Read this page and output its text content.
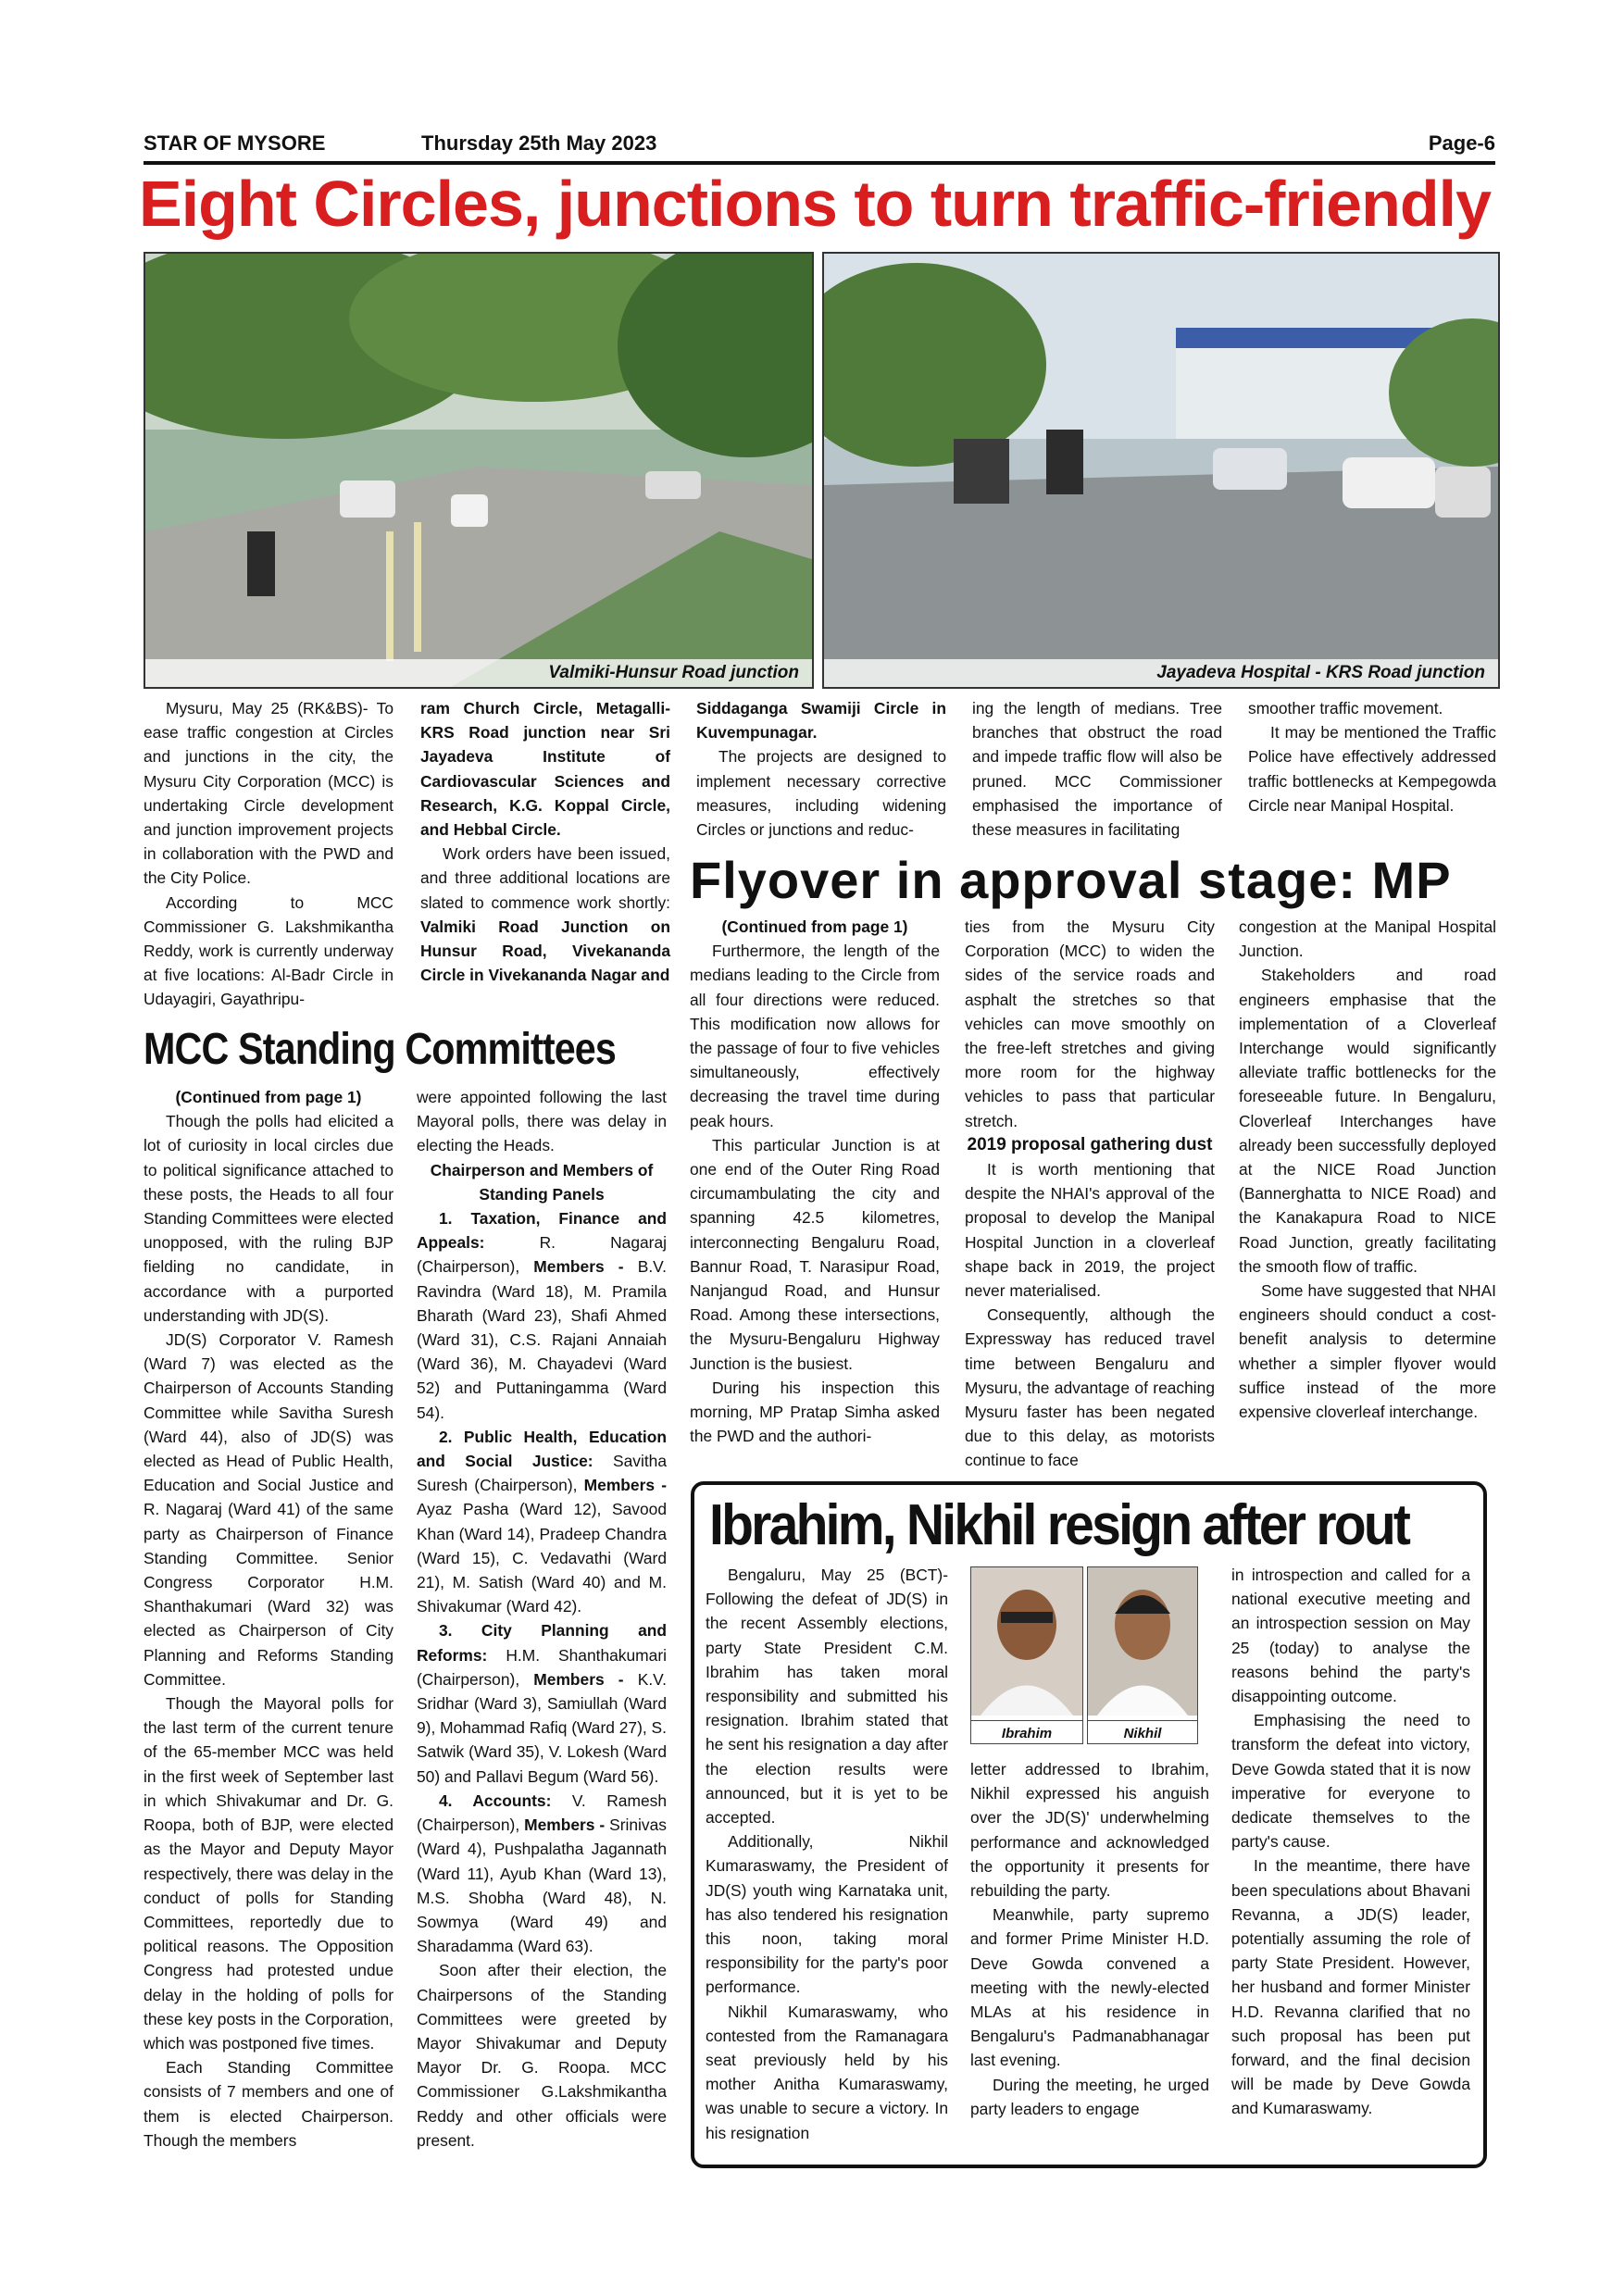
STAR OF MYSORE	Thursday 25th May 2023	Page-6
Eight Circles, junctions to turn traffic-friendly
Valmiki-Hunsur Road junction	Jayadeva Hospital - KRS Road junction

Mysuru, May 25 (RK&BS)- To ease traffic congestion at Circles and junctions in the city, the Mysuru City Corporation (MCC) is undertaking Circle development and junction improvement projects in collaboration with the PWD and the City Police.

According to MCC Commissioner G. Lakshmikantha Reddy, work is currently underway at five locations: Al-Badr Circle in Udayagiri, Gayathripu-

ram Church Circle, Metagalli-KRS Road junction near Sri Jayadeva Institute of Cardiovascular Sciences and Research, K.G. Koppal Circle, and Hebbal Circle.

Work orders have been issued, and three additional locations are slated to commence work shortly: Valmiki Road Junction on Hunsur Road, Vivekananda Circle in Vivekananda Nagar and

Siddaganga Swamiji Circle in Kuvempunagar.

The projects are designed to implement necessary corrective measures, including widening Circles or junctions and reduc-

ing the length of medians. Tree branches that obstruct the road and impede traffic flow will also be pruned. MCC Commissioner emphasised the importance of these measures in facilitating

smoother traffic movement.

It may be mentioned the Traffic Police have effectively addressed traffic bottlenecks at Kempegowda Circle near Manipal Hospital.

MCC Standing Committees

(Continued from page 1)

Though the polls had elicited a lot of curiosity in local circles due to political significance attached to these posts, the Heads to all four Standing Committees were elected unopposed, with the ruling BJP fielding no candidate, in accordance with a purported understanding with JD(S).

JD(S) Corporator V. Ramesh (Ward 7) was elected as the Chairperson of Accounts Standing Committee while Savitha Suresh (Ward 44), also of JD(S) was elected as Head of Public Health, Education and Social Justice and R. Nagaraj (Ward 41) of the same party as Chairperson of Finance Standing Committee. Senior Congress Corporator H.M. Shanthakumari (Ward 32) was elected as Chairperson of City Planning and Reforms Standing Committee.

Though the Mayoral polls for the last term of the current tenure of the 65-member MCC was held in the first week of September last in which Shivakumar and Dr. G. Roopa, both of BJP, were elected as the Mayor and Deputy Mayor respectively, there was delay in the conduct of polls for Standing Committees, reportedly due to political reasons. The Opposition Congress had protested undue delay in the holding of polls for these key posts in the Corporation, which was postponed five times.

Each Standing Committee consists of 7 members and one of them is elected Chairperson. Though the members

were appointed following the last Mayoral polls, there was delay in electing the Heads.

Chairperson and Members of Standing Panels

1. Taxation, Finance and Appeals:	R. Nagaraj (Chairperson), Members - B.V. Ravindra (Ward 18), M. Pramila Bharath (Ward 23), Shafi Ahmed (Ward 31), C.S. Rajani Annaiah (Ward 36), M. Chayadevi (Ward 52) and Puttaningamma (Ward 54).

2. Public Health, Education and Social Justice: Savitha Suresh (Chairperson), Members - Ayaz Pasha (Ward 12), Savood Khan (Ward 14), Pradeep Chandra (Ward 15), C. Vedavathi (Ward 21), M. Satish (Ward 40) and M. Shivakumar (Ward 42).

3. City Planning and Reforms: H.M. Shanthakumari (Chairperson), Members - K.V. Sridhar (Ward 3), Samiullah (Ward 9), Mohammad Rafiq (Ward 27), S. Satwik (Ward 35), V. Lokesh (Ward 50) and Pallavi Begum (Ward 56).

4. Accounts: V. Ramesh (Chairperson), Members - Srinivas (Ward 4), Pushpalatha Jagannath (Ward 11), Ayub Khan (Ward 13), M.S. Shobha (Ward 48), N. Sowmya (Ward 49) and Sharadamma (Ward 63).

Soon after their election, the Chairpersons of the Standing Committees were greeted by Mayor Shivakumar and Deputy Mayor Dr. G. Roopa. MCC Commissioner G.Lakshmikantha Reddy and other officials were present.

Flyover in approval stage: MP

(Continued from page 1)

Furthermore, the length of the medians leading to the Circle from all four directions were reduced. This modification now allows for the passage of four to five vehicles simultaneously, effectively decreasing the travel time during peak hours.

This particular Junction is at one end of the Outer Ring Road circumambulating the city and spanning 42.5 kilometres, interconnecting Bengaluru Road, Bannur Road, T. Narasipur Road, Nanjangud Road, and Hunsur Road. Among these intersections, the Mysuru-Bengaluru Highway Junction is the busiest.

During his inspection this morning, MP Pratap Simha asked the PWD and the authori-

ties from the Mysuru City Corporation (MCC) to widen the sides of the service roads and asphalt the stretches so that vehicles can move smoothly on the free-left stretches and giving more room for the highway vehicles to pass that particular stretch.

2019 proposal gathering dust

It is worth mentioning that despite the NHAI's approval of the proposal to develop the Manipal Hospital Junction in a cloverleaf shape back in 2019, the project never materialised.

Consequently, although the Expressway has reduced travel time between Bengaluru and Mysuru, the advantage of reaching Mysuru faster has been negated due to this delay, as motorists continue to face

congestion at the Manipal Hospital Junction.

Stakeholders and road engineers emphasise that the implementation of a Cloverleaf Interchange would significantly alleviate traffic bottlenecks for the foreseeable future. In Bengaluru, Cloverleaf Interchanges have already been successfully deployed at the NICE Road Junction (Bannerghatta to NICE Road) and the Kanakapura Road to NICE Road Junction, greatly facilitating the smooth flow of traffic.

Some have suggested that NHAI engineers should conduct a cost-benefit analysis to determine whether a simpler flyover would suffice instead of the more expensive cloverleaf interchange.

Ibrahim, Nikhil resign after rout

Bengaluru, May 25 (BCT)- Following the defeat of JD(S) in the recent Assembly elections, party State President C.M. Ibrahim has taken moral responsibility and submitted his resignation. Ibrahim stated that he sent his resignation a day after the election results were announced, but it is yet to be accepted.

Additionally, Nikhil Kumaraswamy, the President of JD(S) youth wing Karnataka unit, has also tendered his resignation this noon, taking moral responsibility for the party's poor performance.

Nikhil Kumaraswamy, who contested from the Ramanagara seat previously held by his mother Anitha Kumaraswamy, was unable to secure a victory. In his resignation

Ibrahim	Nikhil

letter addressed to Ibrahim, Nikhil expressed his anguish over the JD(S)' underwhelming performance and acknowledged the opportunity it presents for rebuilding the party.

Meanwhile, party supremo and former Prime Minister H.D. Deve Gowda convened a meeting with the newly-elected MLAs at his residence in Bengaluru's Padmanabhanagar last evening.

During the meeting, he urged party leaders to engage

in introspection and called for a national executive meeting and an introspection session on May 25 (today) to analyse the reasons behind the party's disappointing outcome.

Emphasising the need to transform the defeat into victory, Deve Gowda stated that it is now imperative for everyone to dedicate themselves to the party's cause.

In the meantime, there have been speculations about Bhavani Revanna, a JD(S) leader, potentially assuming the role of party State President. However, her husband and former Minister H.D. Revanna clarified that no such proposal has been put forward, and the final decision will be made by Deve Gowda and Kumaraswamy.
